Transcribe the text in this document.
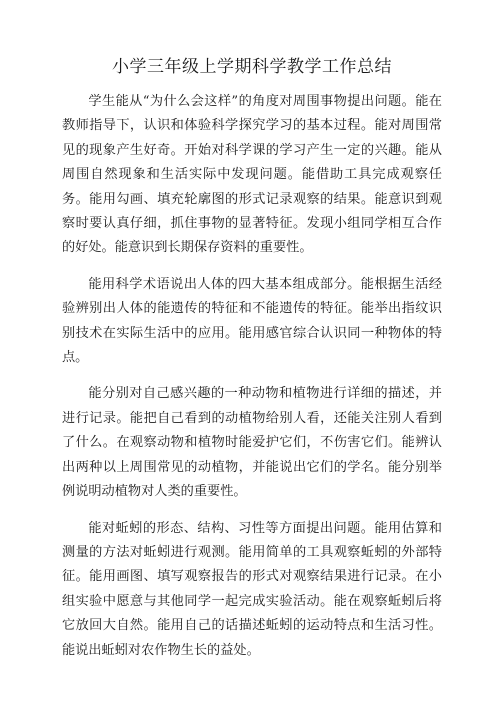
小学三年级上学期科学教学工作总结

学生能从“为什么会这样”的角度对周围事物提出问题。能在教师指导下，认识和体验科学探究学习的基本过程。能对周围常见的现象产生好奇。开始对科学课的学习产生一定的兴趣。能从周围自然现象和生活实际中发现问题。能借助工具完成观察任务。能用勾画、填充轮廓图的形式记录观察的结果。能意识到观察时要认真仔细，抓住事物的显著特征。发现小组同学相互合作的好处。能意识到长期保存资料的重要性。

能用科学术语说出人体的四大基本组成部分。能根据生活经验辨别出人体的能遗传的特征和不能遗传的特征。能举出指纹识别技术在实际生活中的应用。能用感官综合认识同一种物体的特点。

能分别对自己感兴趣的一种动物和植物进行详细的描述，并进行记录。能把自己看到的动植物给别人看，还能关注别人看到了什么。在观察动物和植物时能爱护它们，不伤害它们。能辨认出两种以上周围常见的动植物，并能说出它们的学名。能分别举例说明动植物对人类的重要性。

能对蚯蚓的形态、结构、习性等方面提出问题。能用估算和测量的方法对蚯蚓进行观测。能用简单的工具观察蚯蚓的外部特征。能用画图、填写观察报告的形式对观察结果进行记录。在小组实验中愿意与其他同学一起完成实验活动。能在观察蚯蚓后将它放回大自然。能用自己的话描述蚯蚓的运动特点和生活习性。能说出蚯蚓对农作物生长的益处。
